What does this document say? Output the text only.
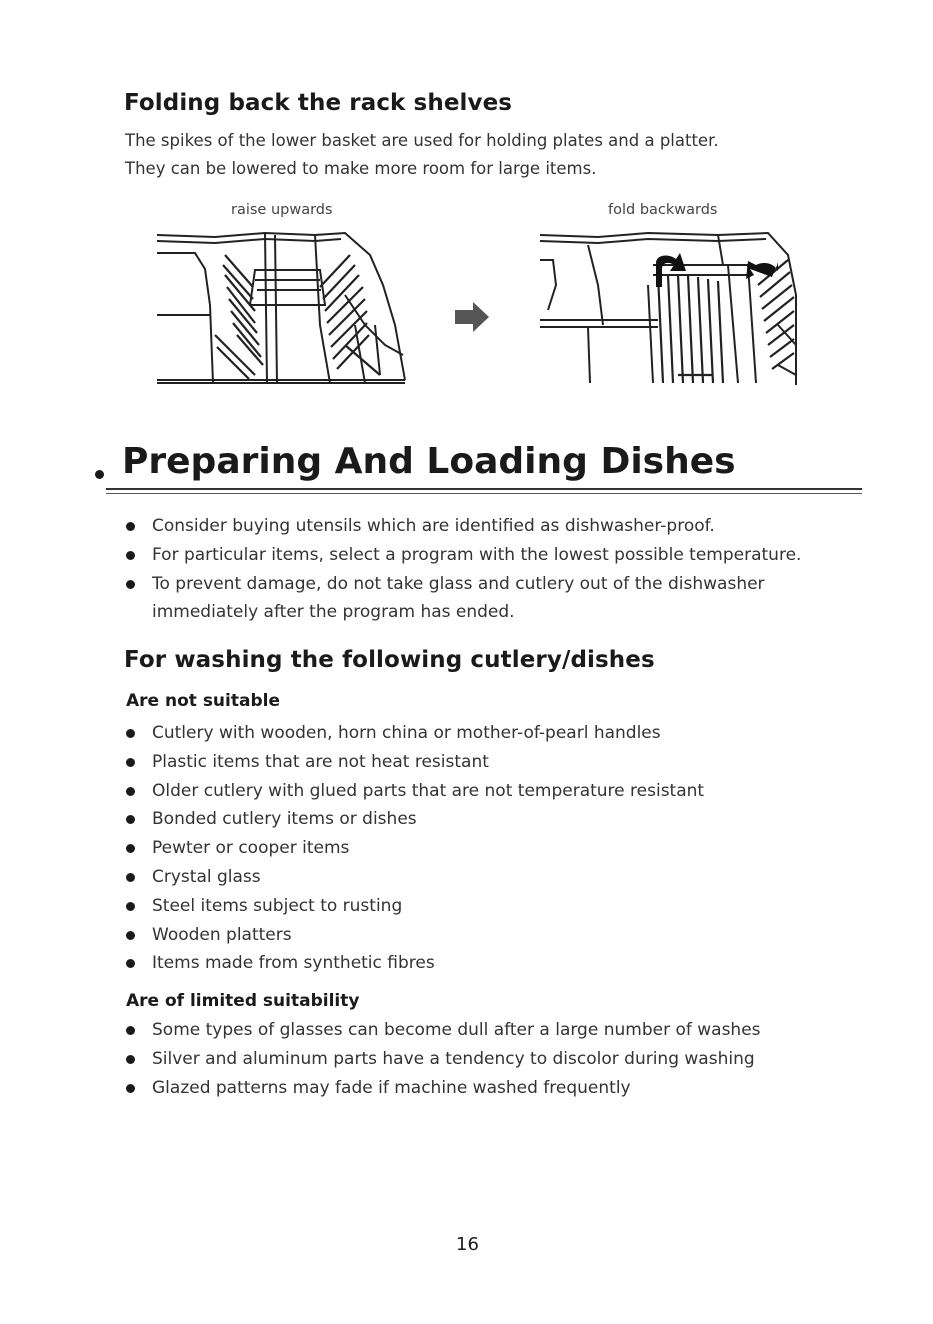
Folding back the rack shelves
The spikes of the lower basket are used for holding plates and a platter.
They can be lowered to make more room for large items.
raise upwards	fold backwards
Preparing And Loading Dishes
Consider buying utensils which are identified as dishwasher-proof.
For particular items, select a program with the lowest possible temperature.
To prevent damage, do not take glass and cutlery out of the dishwasher
immediately after the program has ended.
For washing the following cutlery/dishes
Are not suitable
Cutlery with wooden, horn china or mother-of-pearl handles
Plastic items that are not heat resistant
Older cutlery with glued parts that are not temperature resistant
Bonded cutlery items or dishes
Pewter or cooper items
Crystal glass
Steel items subject to rusting
Wooden platters
Items made from synthetic fibres
Are of limited suitability
Some types of glasses can become dull after a large number of washes
Silver and aluminum parts have a tendency to discolor during washing
Glazed patterns may fade if machine washed frequently
16
